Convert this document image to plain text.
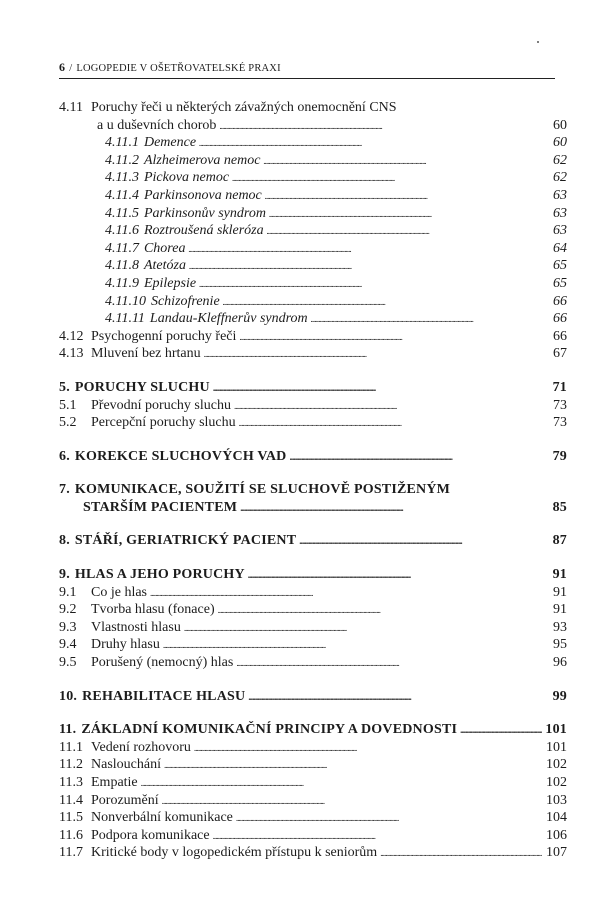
6 / LOGOPEDIE V OŠETŘOVATELSKÉ PRAXI
4.11 Poruchy řeči u některých závažných onemocnění CNS
a u duševních chorob . . .	60
4.11.1 Demence . . .	60
4.11.2 Alzheimerova nemoc . . .	62
4.11.3 Pickova nemoc . . .	62
4.11.4 Parkinsonova nemoc . . .	63
4.11.5 Parkinsonův syndrom . . .	63
4.11.6 Roztroušená skleróza . . .	63
4.11.7 Chorea . . .	64
4.11.8 Atetóza . . .	65
4.11.9 Epilepsie . . .	65
4.11.10 Schizofrenie . . .	66
4.11.11 Landau-Kleffnerův syndrom . . .	66
4.12 Psychogenní poruchy řeči . . .	66
4.13 Mluvení bez hrtanu . . .	67
5. PORUCHY SLUCHU . . .	71
5.1	Převodní poruchy sluchu . . .	73
5.2	Percepční poruchy sluchu . . .	73
6. KOREKCE SLUCHOVÝCH VAD . . .	79
7. KOMUNIKACE, SOUŽITÍ SE SLUCHOVĚ POSTIŽENÝM
STARŠÍM PACIENTEM . . .	85
8. STÁŘÍ, GERIATRICKÝ PACIENT . . .	87
9. HLAS A JEHO PORUCHY . . .	91
9.1	Co je hlas . . .	91
9.2	Tvorba hlasu (fonace) . . .	91
9.3	Vlastnosti hlasu . . .	93
9.4	Druhy hlasu . . .	95
9.5	Porušený (nemocný) hlas . . .	96
10. REHABILITACE HLASU . . .	99
11. ZÁKLADNÍ KOMUNIKAČNÍ PRINCIPY A DOVEDNOSTI . . .	101
11.1 Vedení rozhovoru . . .	101
11.2 Naslouchání . . .	102
11.3 Empatie . . .	102
11.4 Porozumění . . .	103
11.5 Nonverbální komunikace . . .	104
11.6 Podpora komunikace . . .	106
11.7 Kritické body v logopedickém přístupu k seniorům . . .	107
